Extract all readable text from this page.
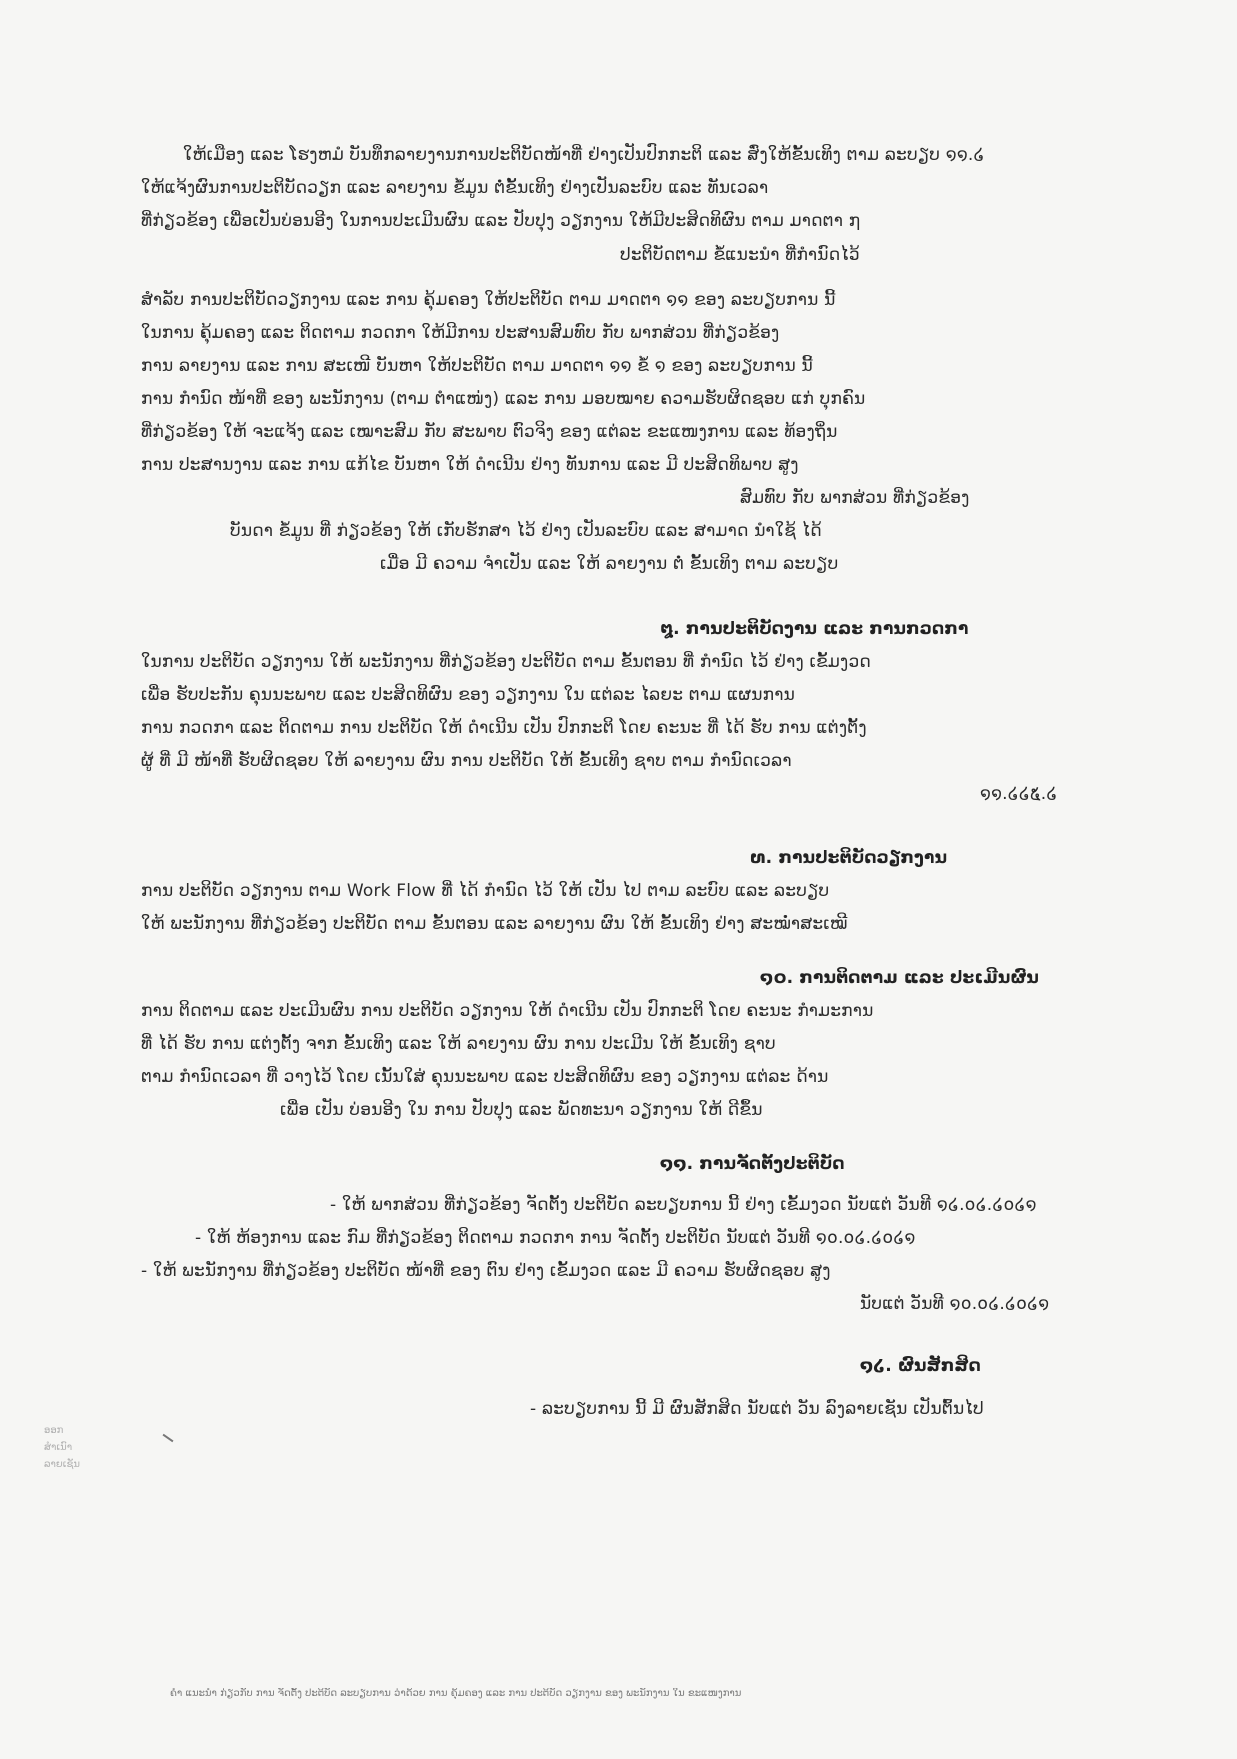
ໃຫ້ເມືອງ ແລະ ໂຮງຫມໍ ບັນທຶກລາຍງານການປະຕິບັດໜ້າທີ່ ຢ່າງເປັນປົກກະຕິ ແລະ ສົ່ງໃຫ້ຂັ້ນເທິງ ຕາມ ລະບຽບ ໑໑.໒

ໃຫ້ແຈ້ງຜົນການປະຕິບັດວຽກ ແລະ ລາຍງານ ຂໍ້ມູນ ຕໍ່ຂັ້ນເທິງ ຢ່າງເປັນລະບົບ ແລະ ທັນເວລາ

ທີ່ກ່ຽວຂ້ອງ ເພື່ອເປັນບ່ອນອີງ ໃນການປະເມີນຜົນ ແລະ ປັບປຸງ ວຽກງານ ໃຫ້ມີປະສິດທິຜົນ ຕາມ ມາດຕາ ໗

ປະຕິບັດຕາມ ຂໍ້ແນະນຳ ທີ່ກຳນົດໄວ້

ສຳລັບ ການປະຕິບັດວຽກງານ ແລະ ການ ຄຸ້ມຄອງ ໃຫ້ປະຕິບັດ ຕາມ ມາດຕາ ໑໑ ຂອງ ລະບຽບການ ນີ້

ໃນການ ຄຸ້ມຄອງ ແລະ ຕິດຕາມ ກວດກາ ໃຫ້ມີການ ປະສານສົມທົບ ກັບ ພາກສ່ວນ ທີ່ກ່ຽວຂ້ອງ

ການ ລາຍງານ ແລະ ການ ສະເໜີ ບັນຫາ ໃຫ້ປະຕິບັດ ຕາມ ມາດຕາ ໑໑ ຂໍ້ ໑ ຂອງ ລະບຽບການ ນີ້

ການ ກຳນົດ ໜ້າທີ່ ຂອງ ພະນັກງານ (ຕາມ ຕຳແໜ່ງ) ແລະ ການ ມອບໝາຍ ຄວາມຮັບຜິດຊອບ ແກ່ ບຸກຄົນ

ທີ່ກ່ຽວຂ້ອງ ໃຫ້ ຈະແຈ້ງ ແລະ ເໝາະສົມ ກັບ ສະພາບ ຕົວຈິງ ຂອງ ແຕ່ລະ ຂະແໜງການ ແລະ ທ້ອງຖິ່ນ

ການ ປະສານງານ ແລະ ການ ແກ້ໄຂ ບັນຫາ ໃຫ້ ດຳເນີນ ຢ່າງ ທັນການ ແລະ ມີ ປະສິດທິພາບ ສູງ

ສົມທົບ ກັບ ພາກສ່ວນ ທີ່ກ່ຽວຂ້ອງ

ບັນດາ ຂໍ້ມູນ ທີ່ ກ່ຽວຂ້ອງ ໃຫ້ ເກັບຮັກສາ ໄວ້ ຢ່າງ ເປັນລະບົບ ແລະ ສາມາດ ນຳໃຊ້ ໄດ້

ເມື່ອ ມີ ຄວາມ ຈຳເປັນ ແລະ ໃຫ້ ລາຍງານ ຕໍ່ ຂັ້ນເທິງ ຕາມ ລະບຽບ

໘. ການປະຕິບັດງານ ແລະ ການກວດກາ

ໃນການ ປະຕິບັດ ວຽກງານ ໃຫ້ ພະນັກງານ ທີ່ກ່ຽວຂ້ອງ ປະຕິບັດ ຕາມ ຂັ້ນຕອນ ທີ່ ກຳນົດ ໄວ້ ຢ່າງ ເຂັ້ມງວດ

ເພື່ອ ຮັບປະກັນ ຄຸນນະພາບ ແລະ ປະສິດທິຜົນ ຂອງ ວຽກງານ ໃນ ແຕ່ລະ ໄລຍະ ຕາມ ແຜນການ

ການ ກວດກາ ແລະ ຕິດຕາມ ການ ປະຕິບັດ ໃຫ້ ດຳເນີນ ເປັນ ປົກກະຕິ ໂດຍ ຄະນະ ທີ່ ໄດ້ ຮັບ ການ ແຕ່ງຕັ້ງ

ຜູ້ ທີ່ ມີ ໜ້າທີ່ ຮັບຜິດຊອບ ໃຫ້ ລາຍງານ ຜົນ ການ ປະຕິບັດ ໃຫ້ ຂັ້ນເທິງ ຊາບ ຕາມ ກຳນົດເວລາ

໑໑.໒໒໕.໒

໙. ການປະຕິບັດວຽກງານ

ການ ປະຕິບັດ ວຽກງານ ຕາມ Work Flow ທີ່ ໄດ້ ກຳນົດ ໄວ້ ໃຫ້ ເປັນ ໄປ ຕາມ ລະບົບ ແລະ ລະບຽບ

ໃຫ້ ພະນັກງານ ທີ່ກ່ຽວຂ້ອງ ປະຕິບັດ ຕາມ ຂັ້ນຕອນ ແລະ ລາຍງານ ຜົນ ໃຫ້ ຂັ້ນເທິງ ຢ່າງ ສະໝ່ຳສະເໝີ

໑໐. ການຕິດຕາມ ແລະ ປະເມີນຜົນ

ການ ຕິດຕາມ ແລະ ປະເມີນຜົນ ການ ປະຕິບັດ ວຽກງານ ໃຫ້ ດຳເນີນ ເປັນ ປົກກະຕິ ໂດຍ ຄະນະ ກຳມະການ

ທີ່ ໄດ້ ຮັບ ການ ແຕ່ງຕັ້ງ ຈາກ ຂັ້ນເທິງ ແລະ ໃຫ້ ລາຍງານ ຜົນ ການ ປະເມີນ ໃຫ້ ຂັ້ນເທິງ ຊາບ

ຕາມ ກຳນົດເວລາ ທີ່ ວາງໄວ້ ໂດຍ ເນັ້ນໃສ່ ຄຸນນະພາບ ແລະ ປະສິດທິຜົນ ຂອງ ວຽກງານ ແຕ່ລະ ດ້ານ

ເພື່ອ ເປັນ ບ່ອນອີງ ໃນ ການ ປັບປຸງ ແລະ ພັດທະນາ ວຽກງານ ໃຫ້ ດີຂຶ້ນ

໑໑. ການຈັດຕັ້ງປະຕິບັດ

- ໃຫ້ ພາກສ່ວນ ທີ່ກ່ຽວຂ້ອງ ຈັດຕັ້ງ ປະຕິບັດ ລະບຽບການ ນີ້ ຢ່າງ ເຂັ້ມງວດ ນັບແຕ່ ວັນທີ ໑໒.໐໒.໒໐໒໑

- ໃຫ້ ຫ້ອງການ ແລະ ກົມ ທີ່ກ່ຽວຂ້ອງ ຕິດຕາມ ກວດກາ ການ ຈັດຕັ້ງ ປະຕິບັດ ນັບແຕ່ ວັນທີ ໑໐.໐໒.໒໐໒໑

- ໃຫ້ ພະນັກງານ ທີ່ກ່ຽວຂ້ອງ ປະຕິບັດ ໜ້າທີ່ ຂອງ ຕົນ ຢ່າງ ເຂັ້ມງວດ ແລະ ມີ ຄວາມ ຮັບຜິດຊອບ ສູງ

ນັບແຕ່ ວັນທີ ໑໐.໐໒.໒໐໒໑

໑໒. ຜົນສັກສິດ

- ລະບຽບການ ນີ້ ມີ ຜົນສັກສິດ ນັບແຕ່ ວັນ ລົງລາຍເຊັນ ເປັນຕົ້ນໄປ

ອອກ
ສຳເນົາ
ລາຍເຊັນ
ຄຳ ແນະນຳ ກ່ຽວກັບ ການ ຈັດຕັ້ງ ປະຕິບັດ ລະບຽບການ ວ່າດ້ວຍ ການ ຄຸ້ມຄອງ ແລະ ການ ປະຕິບັດ ວຽກງານ ຂອງ ພະນັກງານ ໃນ ຂະແໜງການ
